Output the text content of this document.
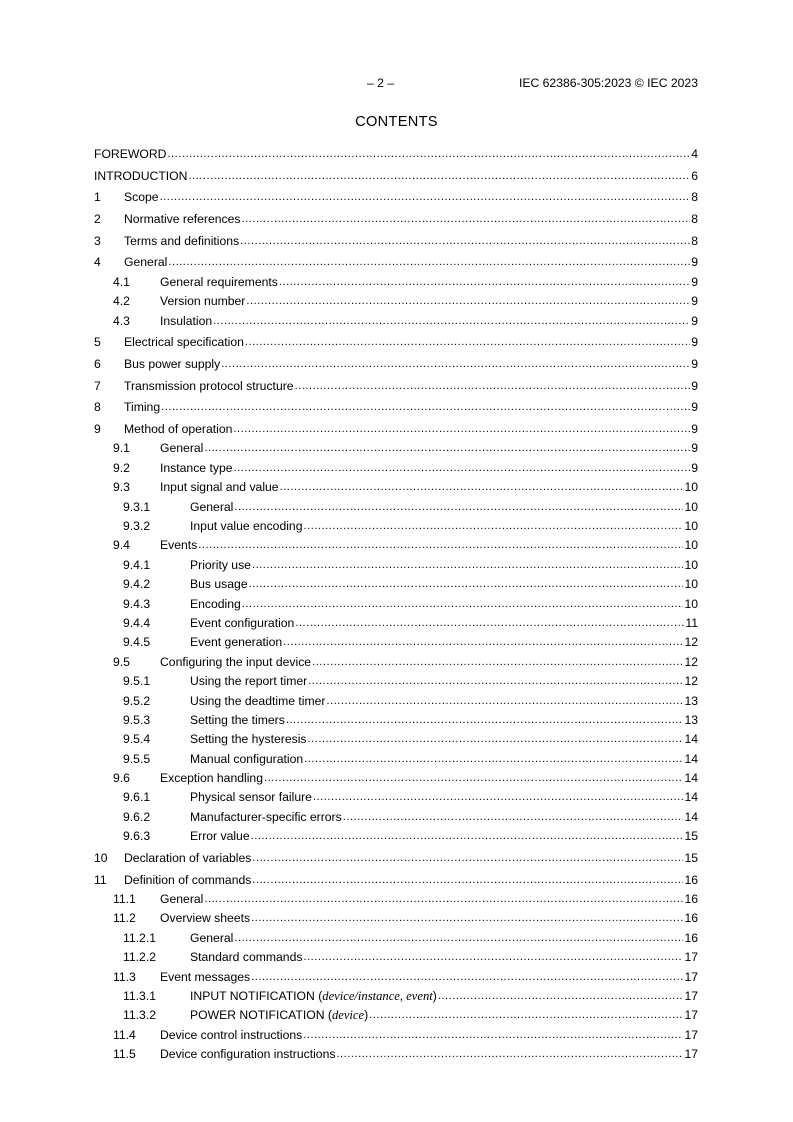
– 2 –	IEC 62386-305:2023 © IEC 2023
CONTENTS
FOREWORD .....	4
INTRODUCTION .....	6
1	Scope .....	8
2	Normative references .....	8
3	Terms and definitions .....	8
4	General .....	9
4.1	General requirements .....	9
4.2	Version number .....	9
4.3	Insulation .....	9
5	Electrical specification .....	9
6	Bus power supply .....	9
7	Transmission protocol structure .....	9
8	Timing .....	9
9	Method of operation .....	9
9.1	General .....	9
9.2	Instance type .....	9
9.3	Input signal and value .....	10
9.3.1	General .....	10
9.3.2	Input value encoding .....	10
9.4	Events .....	10
9.4.1	Priority use .....	10
9.4.2	Bus usage .....	10
9.4.3	Encoding .....	10
9.4.4	Event configuration .....	11
9.4.5	Event generation .....	12
9.5	Configuring the input device .....	12
9.5.1	Using the report timer .....	12
9.5.2	Using the deadtime timer .....	13
9.5.3	Setting the timers .....	13
9.5.4	Setting the hysteresis .....	14
9.5.5	Manual configuration .....	14
9.6	Exception handling .....	14
9.6.1	Physical sensor failure .....	14
9.6.2	Manufacturer-specific errors .....	14
9.6.3	Error value .....	15
10	Declaration of variables .....	15
11	Definition of commands .....	16
11.1	General .....	16
11.2	Overview sheets .....	16
11.2.1	General .....	16
11.2.2	Standard commands .....	17
11.3	Event messages .....	17
11.3.1	INPUT NOTIFICATION (device/instance, event) .....	17
11.3.2	POWER NOTIFICATION (device) .....	17
11.4	Device control instructions .....	17
11.5	Device configuration instructions .....	17
